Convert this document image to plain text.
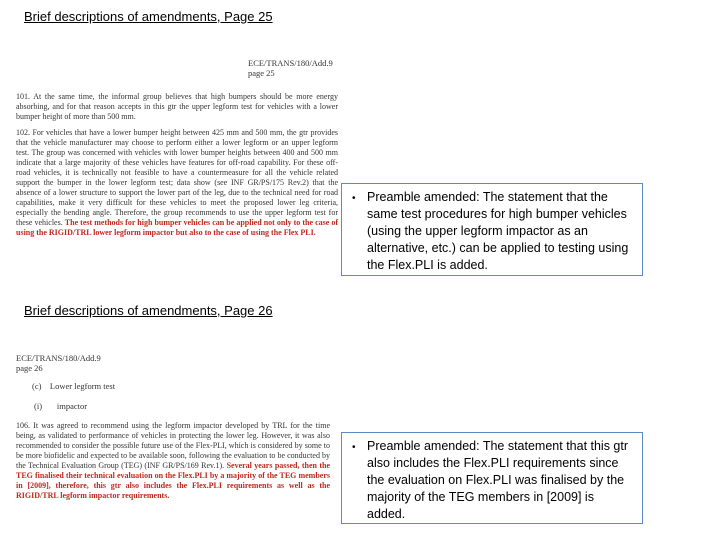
Brief descriptions of amendments, Page 25
ECE/TRANS/180/Add.9
page 25

101. At the same time, the informal group believes that high bumpers should be more energy absorbing, and for that reason accepts in this gtr the upper legform test for vehicles with a lower bumper height of more than 500 mm.

102. For vehicles that have a lower bumper height between 425 mm and 500 mm, the gtr provides that the vehicle manufacturer may choose to perform either a lower legform or an upper legform test. The group was concerned with vehicles with lower bumper heights between 400 and 500 mm indicate that a large majority of these vehicles have features for off-road capability. For these off-road vehicles, it is technically not feasible to have a countermeasure for all the vehicle related support the bumper in the lower legform test; data show (see INF GR/PS/175 Rev.2) that the absence of a lower structure to support the lower part of the leg, due to the technical need for road capabilities, make it very difficult for these vehicles to meet the proposed lower leg criteria, especially the bending angle. Therefore, the group recommends to use the upper legform test for these vehicles. The test methods for high bumper vehicles can be applied not only to the case of using the RIGID/TRL lower legform impactor but also to the case of using the Flex PLI.

• Preamble amended: The statement that the same test procedures for high bumper vehicles (using the upper legform impactor as an alternative, etc.) can be applied to testing using the Flex.PLI is added.
Brief descriptions of amendments, Page 26
ECE/TRANS/180/Add.9
page 26
(c)    Lower legform test
(i)       impactor

106. It was agreed to recommend using the legform impactor developed by TRL for the time being, as validated to performance of vehicles in protecting the lower leg. However, it was also recommended to consider the possible future use of the Flex-PLI, which is considered by some to be more biofidelic and expected to be available soon, following the evaluation to be conducted by the Technical Evaluation Group (TEG) (INF GR/PS/169 Rev.1). Several years passed, then the TEG finalised their technical evaluation on the Flex.PLI by a majority of the TEG members in [2009], therefore, this gtr also includes the Flex.PLI requirements as well as the RIGID/TRL legform impactor requirements.

• Preamble amended: The statement that this gtr also includes the Flex.PLI requirements since the evaluation on Flex.PLI was finalised by the majority of the TEG members in [2009] is added.
